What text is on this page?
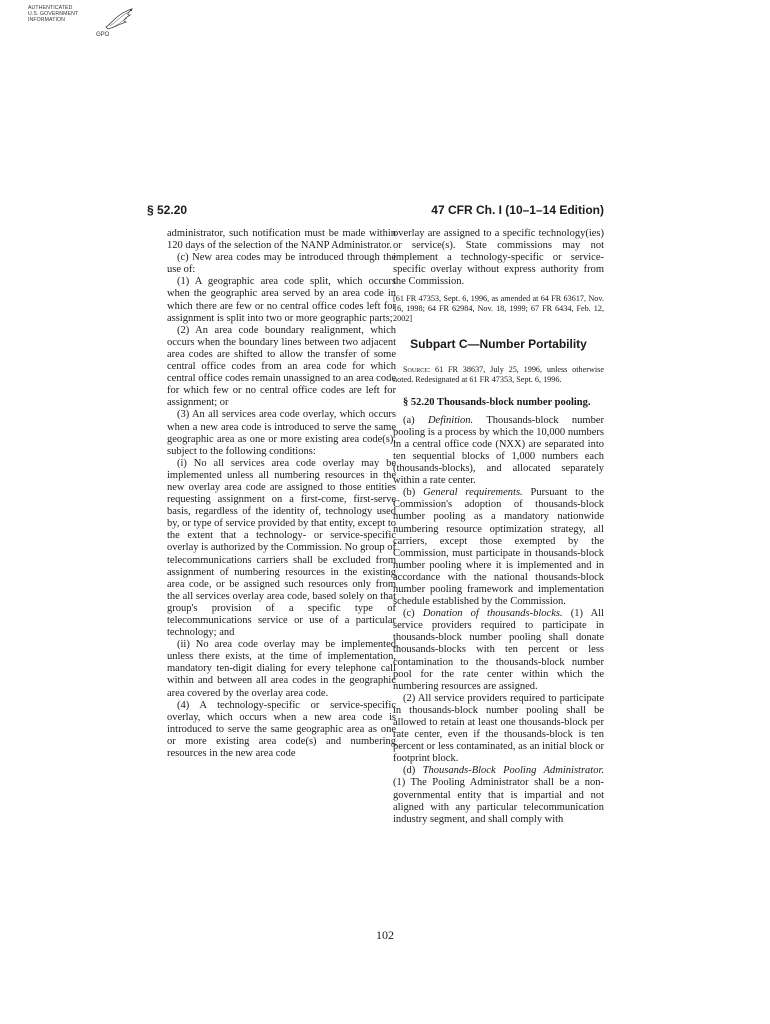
AUTHENTICATED
U.S. GOVERNMENT
INFORMATION
GPO
§ 52.20	47 CFR Ch. I (10–1–14 Edition)

administrator, such notification must be made within 120 days of the selection of the NANP Administrator.

(c) New area codes may be introduced through the use of:

(1) A geographic area code split, which occurs when the geographic area served by an area code in which there are few or no central office codes left for assignment is split into two or more geographic parts;

(2) An area code boundary realignment, which occurs when the boundary lines between two adjacent area codes are shifted to allow the transfer of some central office codes from an area code for which central office codes remain unassigned to an area code for which few or no central office codes are left for assignment; or

(3) An all services area code overlay, which occurs when a new area code is introduced to serve the same geographic area as one or more existing area code(s), subject to the following conditions:

(i) No all services area code overlay may be implemented unless all numbering resources in the new overlay area code are assigned to those entities requesting assignment on a first-come, first-serve basis, regardless of the identity of, technology used by, or type of service provided by that entity, except to the extent that a technology- or service-specific overlay is authorized by the Commission. No group of telecommunications carriers shall be excluded from assignment of numbering resources in the existing area code, or be assigned such resources only from the all services overlay area code, based solely on that group's provision of a specific type of telecommunications service or use of a particular technology; and

(ii) No area code overlay may be implemented unless there exists, at the time of implementation, mandatory ten-digit dialing for every telephone call within and between all area codes in the geographic area covered by the overlay area code.

(4) A technology-specific or service-specific overlay, which occurs when a new area code is introduced to serve the same geographic area as one or more existing area code(s) and numbering resources in the new area code

overlay are assigned to a specific technology(ies) or service(s). State commissions may not implement a technology-specific or service-specific overlay without express authority from the Commission.

[61 FR 47353, Sept. 6, 1996, as amended at 64 FR 63617, Nov. 16, 1998; 64 FR 62984, Nov. 18, 1999; 67 FR 6434, Feb. 12, 2002]

Subpart C—Number Portability

Source: 61 FR 38637, July 25, 1996, unless otherwise noted. Redesignated at 61 FR 47353, Sept. 6, 1996.

§ 52.20 Thousands-block number pooling.

(a) Definition. Thousands-block number pooling is a process by which the 10,000 numbers in a central office code (NXX) are separated into ten sequential blocks of 1,000 numbers each (thousands-blocks), and allocated separately within a rate center.

(b) General requirements. Pursuant to the Commission's adoption of thousands-block number pooling as a mandatory nationwide numbering resource optimization strategy, all carriers, except those exempted by the Commission, must participate in thousands-block number pooling where it is implemented and in accordance with the national thousands-block number pooling framework and implementation schedule established by the Commission.

(c) Donation of thousands-blocks. (1) All service providers required to participate in thousands-block number pooling shall donate thousands-blocks with ten percent or less contamination to the thousands-block number pool for the rate center within which the numbering resources are assigned.

(2) All service providers required to participate in thousands-block number pooling shall be allowed to retain at least one thousands-block per rate center, even if the thousands-block is ten percent or less contaminated, as an initial block or footprint block.

(d) Thousands-Block Pooling Administrator. (1) The Pooling Administrator shall be a non-governmental entity that is impartial and not aligned with any particular telecommunication industry segment, and shall comply with

102
